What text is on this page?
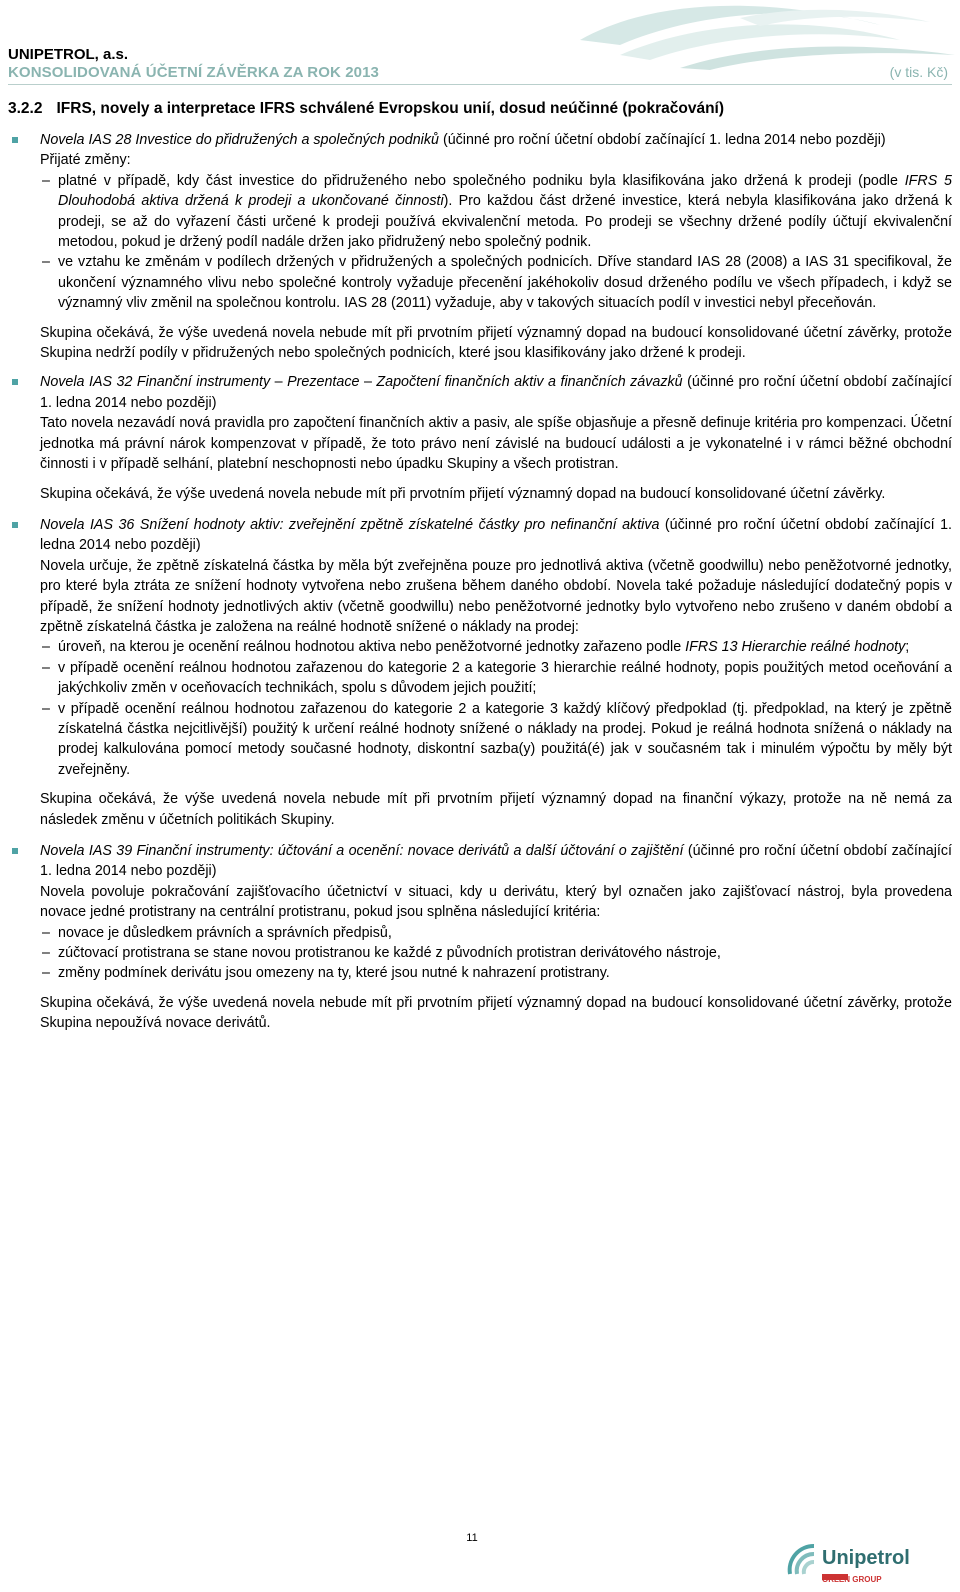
UNIPETROL, a.s.
KONSOLIDOVANÁ ÚČETNÍ ZÁVĚRKA ZA ROK 2013	(v tis. Kč)
3.2.2 IFRS, novely a interpretace IFRS schválené Evropskou unií, dosud neúčinné (pokračování)

Novela IAS 28 Investice do přidružených a společných podniků (účinné pro roční účetní období začínající 1. ledna 2014 nebo později)

Přijaté změny:

– platné v případě, kdy část investice do přidruženého nebo společného podniku byla klasifikována jako držená k prodeji (podle IFRS 5 Dlouhodobá aktiva držená k prodeji a ukončované činnosti). Pro každou část držené investice, která nebyla klasifikována jako držená k prodeji, se až do vyřazení části určené k prodeji používá ekvivalenční metoda. Po prodeji se všechny držené podíly účtují ekvivalenční metodou, pokud je držený podíl nadále držen jako přidružený nebo společný podnik.

– ve vztahu ke změnám v podílech držených v přidružených a společných podnicích. Dříve standard IAS 28 (2008) a IAS 31 specifikoval, že ukončení významného vlivu nebo společné kontroly vyžaduje přecenění jakéhokoliv dosud drženého podílu ve všech případech, i když se významný vliv změnil na společnou kontrolu. IAS 28 (2011) vyžaduje, aby v takových situacích podíl v investici nebyl přeceňován.

Skupina očekává, že výše uvedená novela nebude mít při prvotním přijetí významný dopad na budoucí konsolidované účetní závěrky, protože Skupina nedrží podíly v přidružených nebo společných podnicích, které jsou klasifikovány jako držené k prodeji.

Novela IAS 32 Finanční instrumenty – Prezentace – Započtení finančních aktiv a finančních závazků (účinné pro roční účetní období začínající 1. ledna 2014 nebo později)

Tato novela nezavádí nová pravidla pro započtení finančních aktiv a pasiv, ale spíše objasňuje a přesně definuje kritéria pro kompenzaci. Účetní jednotka má právní nárok kompenzovat v případě, že toto právo není závislé na budoucí události a je vykonatelné i v rámci běžné obchodní činnosti i v případě selhání, platební neschopnosti nebo úpadku Skupiny a všech protistran.

Skupina očekává, že výše uvedená novela nebude mít při prvotním přijetí významný dopad na budoucí konsolidované účetní závěrky.

Novela IAS 36 Snížení hodnoty aktiv: zveřejnění zpětně získatelné částky pro nefinanční aktiva (účinné pro roční účetní období začínající 1. ledna 2014 nebo později)

Novela určuje, že zpětně získatelná částka by měla být zveřejněna pouze pro jednotlivá aktiva (včetně goodwillu) nebo peněžotvorné jednotky, pro které byla ztráta ze snížení hodnoty vytvořena nebo zrušena během daného období. Novela také požaduje následující dodatečný popis v případě, že snížení hodnoty jednotlivých aktiv (včetně goodwillu) nebo peněžotvorné jednotky bylo vytvořeno nebo zrušeno v daném období a zpětně získatelná částka je založena na reálné hodnotě snížené o náklady na prodej:

– úroveň, na kterou je ocenění reálnou hodnotou aktiva nebo peněžotvorné jednotky zařazeno podle IFRS 13 Hierarchie reálné hodnoty;

– v případě ocenění reálnou hodnotou zařazenou do kategorie 2 a kategorie 3 hierarchie reálné hodnoty, popis použitých metod oceňování a jakýchkoliv změn v oceňovacích technikách, spolu s důvodem jejich použití;

– v případě ocenění reálnou hodnotou zařazenou do kategorie 2 a kategorie 3 každý klíčový předpoklad (tj. předpoklad, na který je zpětně získatelná částka nejcitlivější) použitý k určení reálné hodnoty snížené o náklady na prodej. Pokud je reálná hodnota snížená o náklady na prodej kalkulována pomocí metody současné hodnoty, diskontní sazba(y) použitá(é) jak v současném tak i minulém výpočtu by měly být zveřejněny.

Skupina očekává, že výše uvedená novela nebude mít při prvotním přijetí významný dopad na finanční výkazy, protože na ně nemá za následek změnu v účetních politikách Skupiny.

Novela IAS 39 Finanční instrumenty: účtování a ocenění: novace derivátů a další účtování o zajištění (účinné pro roční účetní období začínající 1. ledna 2014 nebo později)

Novela povoluje pokračování zajišťovacího účetnictví v situaci, kdy u derivátu, který byl označen jako zajišťovací nástroj, byla provedena novace jedné protistrany na centrální protistranu, pokud jsou splněna následující kritéria:

– novace je důsledkem právních a správních předpisů,

– zúčtovací protistrana se stane novou protistranou ke každé z původních protistran derivátového nástroje,

– změny podmínek derivátu jsou omezeny na ty, které jsou nutné k nahrazení protistrany.

Skupina očekává, že výše uvedená novela nebude mít při prvotním přijetí významný dopad na budoucí konsolidované účetní závěrky, protože Skupina nepoužívá novace derivátů.

11
Unipetrol
ORLEN GROUP
